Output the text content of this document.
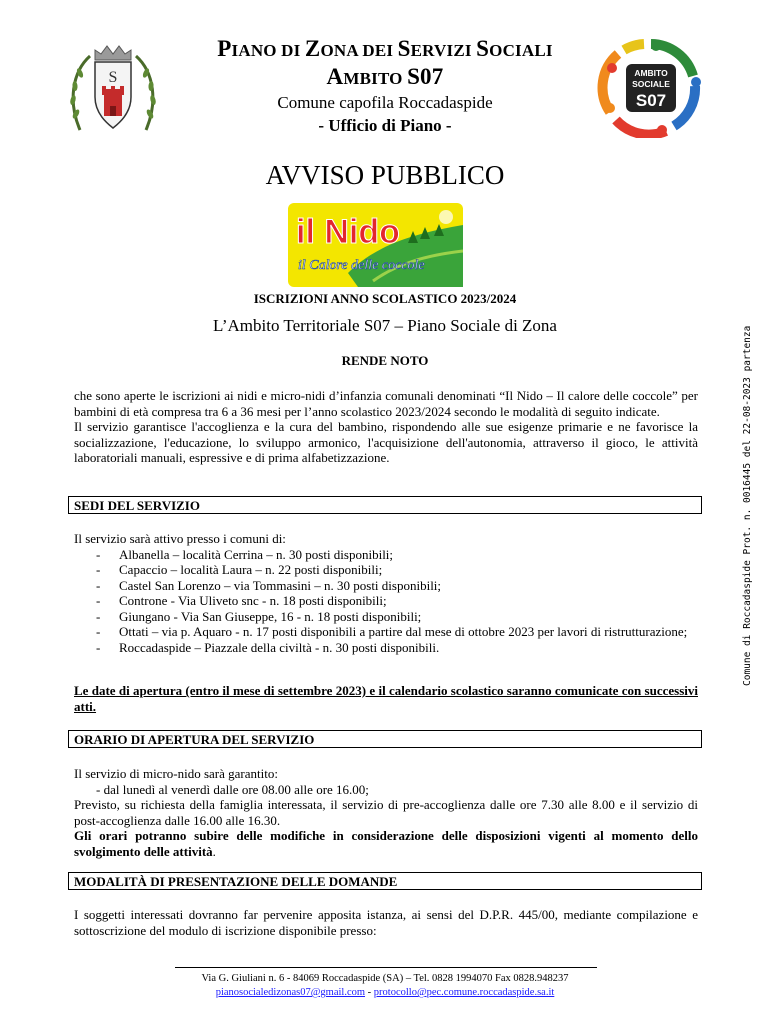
S
PIANO DI ZONA DEI SERVIZI SOCIALI
AMBITO S07
Comune capofila Roccadaspide
- Ufficio di Piano -
AMBITO
SOCIALE
S07
AVVISO PUBBLICO
il Nido
il Calore delle coccole
ISCRIZIONI ANNO SCOLASTICO 2023/2024
L’Ambito Territoriale S07 – Piano Sociale di Zona
RENDE NOTO

che sono aperte le iscrizioni ai nidi e micro-nidi d’infanzia comunali denominati “Il Nido – Il calore delle coccole” per bambini di età compresa tra 6 a 36 mesi per l’anno scolastico 2023/2024 secondo le modalità di seguito indicate.

Il servizio garantisce l'accoglienza e la cura del bambino, rispondendo alle sue esigenze primarie e ne favorisce la socializzazione, l'educazione, lo sviluppo armonico, l'acquisizione dell'autonomia, attraverso il gioco, le attività laboratoriali manuali, espressive e di prima alfabetizzazione.

SEDI DEL SERVIZIO
Il servizio sarà attivo presso i comuni di:
- Albanella – località Cerrina – n. 30 posti disponibili;
- Capaccio – località Laura – n. 22 posti disponibili;
- Castel San Lorenzo – via Tommasini – n. 30 posti disponibili;
- Controne - Via Uliveto snc - n. 18 posti disponibili;
- Giungano - Via San Giuseppe, 16 - n. 18 posti disponibili;
- Ottati – via p. Aquaro - n. 17 posti disponibili a partire dal mese di ottobre 2023 per lavori di ristrutturazione;
- Roccadaspide – Piazzale della civiltà - n. 30 posti disponibili.
Le date di apertura (entro il mese di settembre 2023) e il calendario scolastico saranno comunicate con successivi atti.
ORARIO DI APERTURA DEL SERVIZIO

Il servizio di micro-nido sarà garantito:

- dal lunedì al venerdì dalle ore 08.00 alle ore 16.00;

Previsto, su richiesta della famiglia interessata, il servizio di pre-accoglienza dalle ore 7.30 alle 8.00 e il servizio di post-accoglienza dalle 16.00 alle 16.30.

Gli orari potranno subire delle modifiche in considerazione delle disposizioni vigenti al momento dello svolgimento delle attività.

MODALITÀ DI PRESENTAZIONE DELLE DOMANDE
I soggetti interessati dovranno far pervenire apposita istanza, ai sensi del D.P.R. 445/00, mediante compilazione e sottoscrizione del modulo di iscrizione disponibile presso:
Via G. Giuliani n. 6 - 84069 Roccadaspide (SA) – Tel. 0828 1994070 Fax 0828.948237
pianosocialedizonas07@gmail.com - protocollo@pec.comune.roccadaspide.sa.it
Comune di Roccadaspide Prot. n. 0016445 del 22-08-2023 partenza
